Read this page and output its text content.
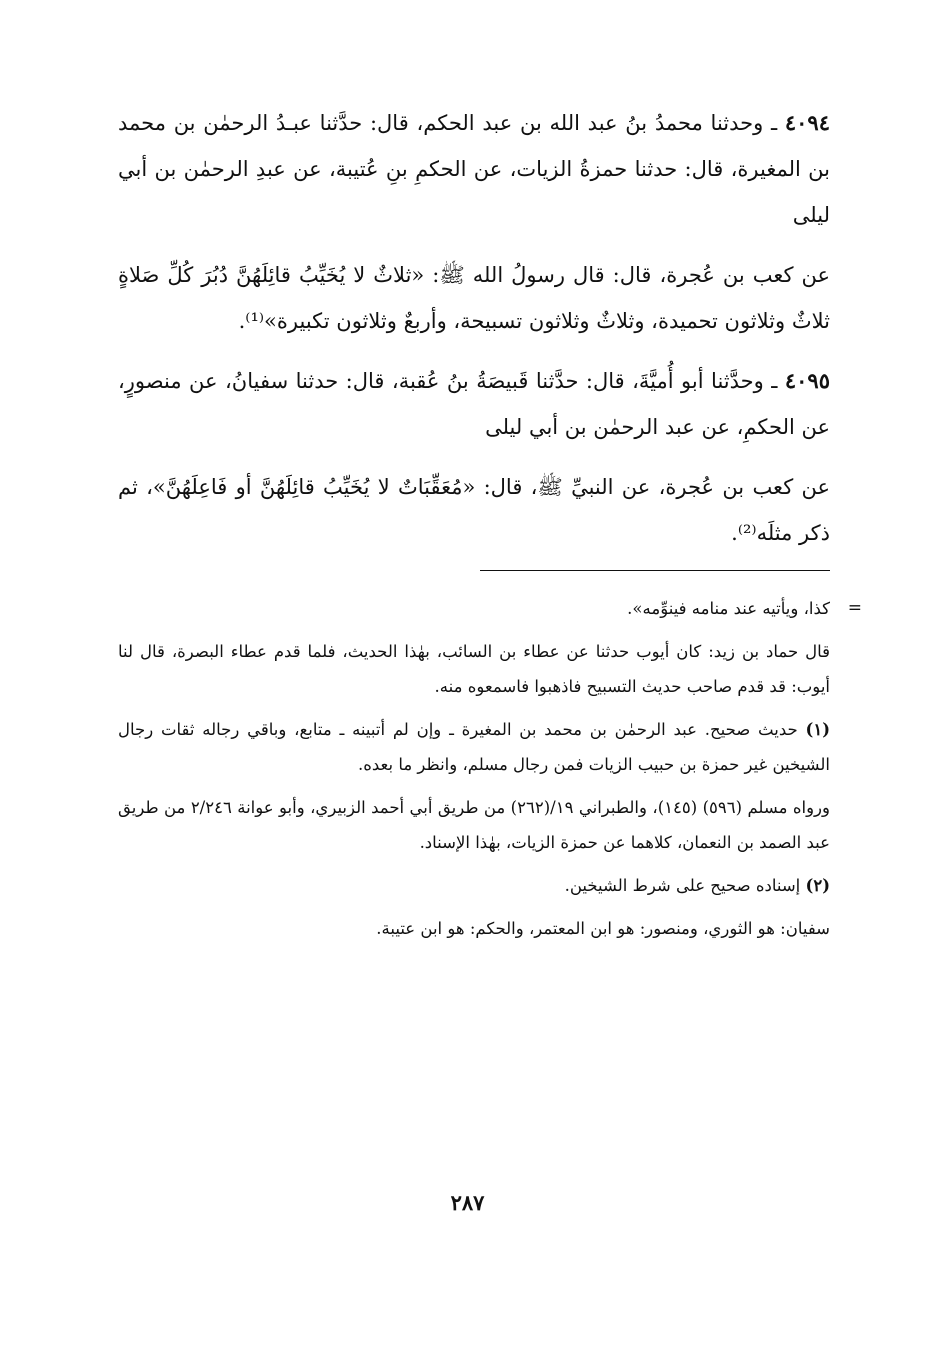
٤٠٩٤ ـ وحدثنا محمدُ بنُ عبد الله بن عبد الحكم، قال: حدَّثنا عبـدُ الرحمٰن بن محمد بن المغيرة، قال: حدثنا حمزةُ الزيات، عن الحكمِ بنِ عُتيبة، عن عبدِ الرحمٰن بن أبي ليلى

عن كعب بن عُجرة، قال: قال رسولُ الله ﷺ: «ثلاثٌ لا يُخَيِّبُ قائِلَهُنَّ دُبُرَ كُلِّ صَلاةٍ ثلاثٌ وثلاثون تحميدة، وثلاثٌ وثلاثون تسبيحة، وأربعٌ وثلاثون تكبيرة»⁽¹⁾.

٤٠٩٥ ـ وحدَّثنا أبو أُميَّةَ، قال: حدَّثنا قَبيصَةُ بنُ عُقبة، قال: حدثنا سفيانُ، عن منصورٍ، عن الحكمِ، عن عبد الرحمٰن بن أبي ليلى

عن كعب بن عُجرة، عن النبيِّ ﷺ، قال: «مُعَقِّبَاتٌ لا يُخَيِّبُ قائِلَهُنَّ أو فَاعِلَهُنَّ»، ثم ذكر مثلَه⁽²⁾.

=

كذا، ويأتيه عند منامه فينوِّمه».

قال حماد بن زيد: كان أيوب حدثنا عن عطاء بن السائب، بهٰذا الحديث، فلما قدم عطاء البصرة، قال لنا أيوب: قد قدم صاحب حديث التسبيح فاذهبوا فاسمعوه منه.

(١) حديث صحيح. عبد الرحمٰن بن محمد بن المغيرة ـ وإن لم أتبينه ـ متابع، وباقي رجاله ثقات رجال الشيخين غير حمزة بن حبيب الزيات فمن رجال مسلم، وانظر ما بعده.

ورواه مسلم (٥٩٦) (١٤٥)، والطبراني ١٩/(٢٦٢) من طريق أبي أحمد الزبيري، وأبو عوانة ٢/٢٤٦ من طريق عبد الصمد بن النعمان، كلاهما عن حمزة الزيات، بهٰذا الإسناد.

(٢) إسناده صحيح على شرط الشيخين.

سفيان: هو الثوري، ومنصور: هو ابن المعتمر، والحكم: هو ابن عتيبة.

٢٨٧
